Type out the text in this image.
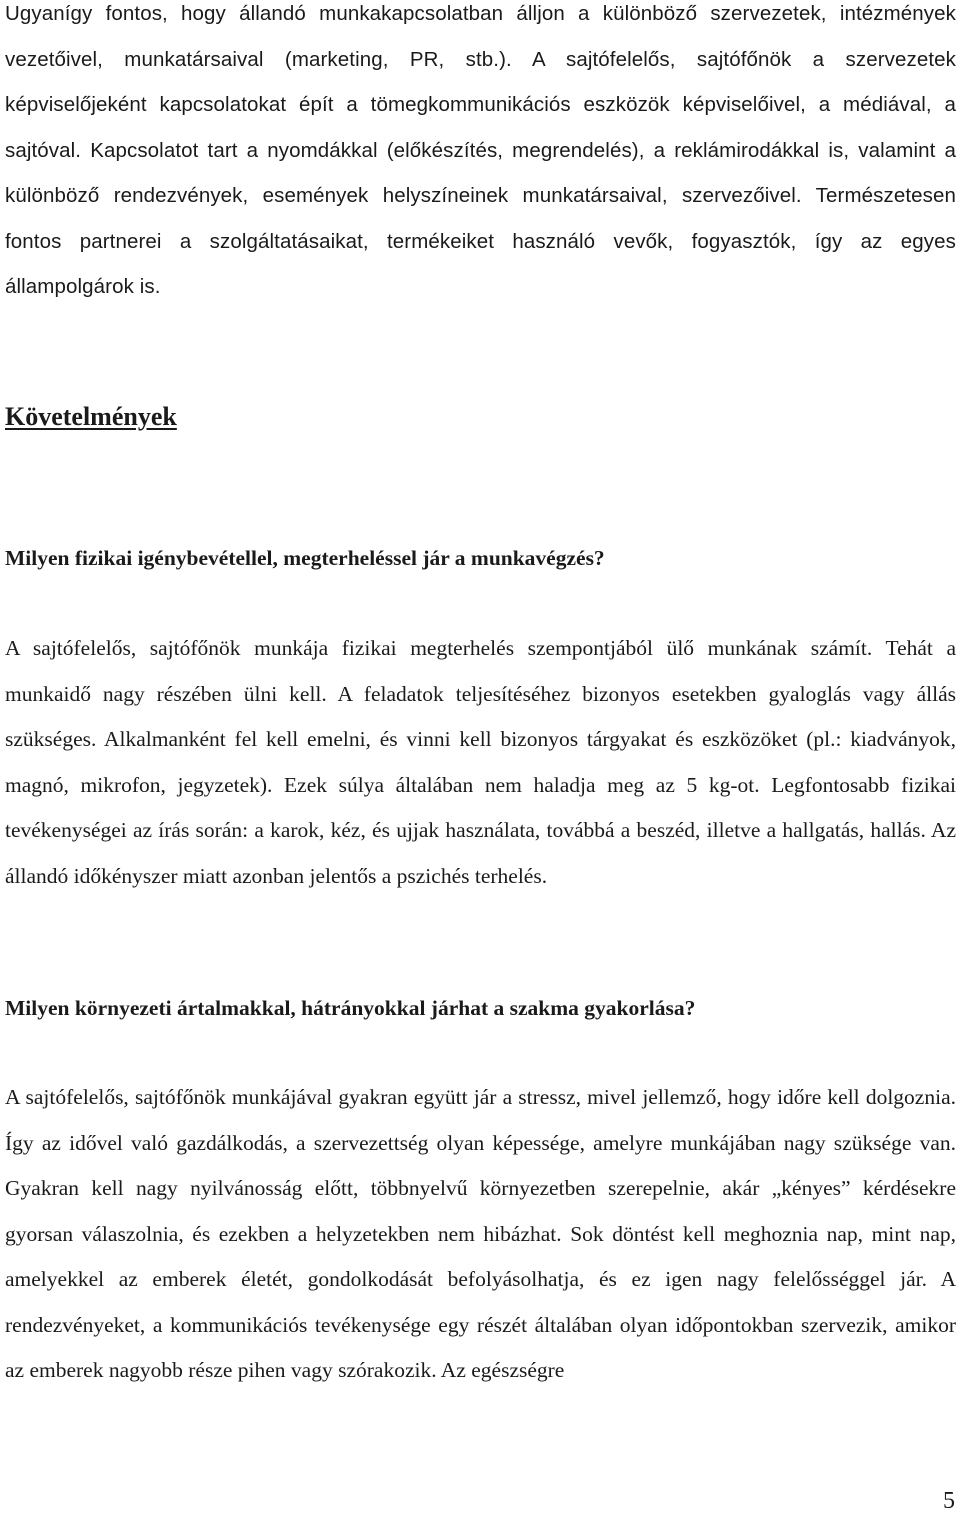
Ugyanígy fontos, hogy állandó munkakapcsolatban álljon a különböző szervezetek, intézmények vezetőivel, munkatársaival (marketing, PR, stb.). A sajtófelelős, sajtófőnök a szervezetek képviselőjeként kapcsolatokat épít a tömegkommunikációs eszközök képviselőivel, a médiával, a sajtóval. Kapcsolatot tart a nyomdákkal (előkészítés, megrendelés), a reklámirodákkal is, valamint a különböző rendezvények, események helyszíneinek munkatársaival, szervezőivel. Természetesen fontos partnerei a szolgáltatásaikat, termékeiket használó vevők, fogyasztók, így az egyes állampolgárok is.

Követelmények

Milyen fizikai igénybevétellel, megterheléssel jár a munkavégzés?

A sajtófelelős, sajtófőnök munkája fizikai megterhelés szempontjából ülő munkának számít. Tehát a munkaidő nagy részében ülni kell. A feladatok teljesítéséhez bizonyos esetekben gyaloglás vagy állás szükséges. Alkalmanként fel kell emelni, és vinni kell bizonyos tárgyakat és eszközöket (pl.: kiadványok, magnó, mikrofon, jegyzetek). Ezek súlya általában nem haladja meg az 5 kg-ot. Legfontosabb fizikai tevékenységei az írás során: a karok, kéz, és ujjak használata, továbbá a beszéd, illetve a hallgatás, hallás. Az állandó időkényszer miatt azonban jelentős a pszichés terhelés.

Milyen környezeti ártalmakkal, hátrányokkal járhat a szakma gyakorlása?

A sajtófelelős, sajtófőnök munkájával gyakran együtt jár a stressz, mivel jellemző, hogy időre kell dolgoznia. Így az idővel való gazdálkodás, a szervezettség olyan képessége, amelyre munkájában nagy szüksége van. Gyakran kell nagy nyilvánosság előtt, többnyelvű környezetben szerepelnie, akár „kényes” kérdésekre gyorsan válaszolnia, és ezekben a helyzetekben nem hibázhat. Sok döntést kell meghoznia nap, mint nap, amelyekkel az emberek életét, gondolkodását befolyásolhatja, és ez igen nagy felelősséggel jár. A rendezvényeket, a kommunikációs tevékenysége egy részét általában olyan időpontokban szervezik, amikor az emberek nagyobb része pihen vagy szórakozik. Az egészségre

5
